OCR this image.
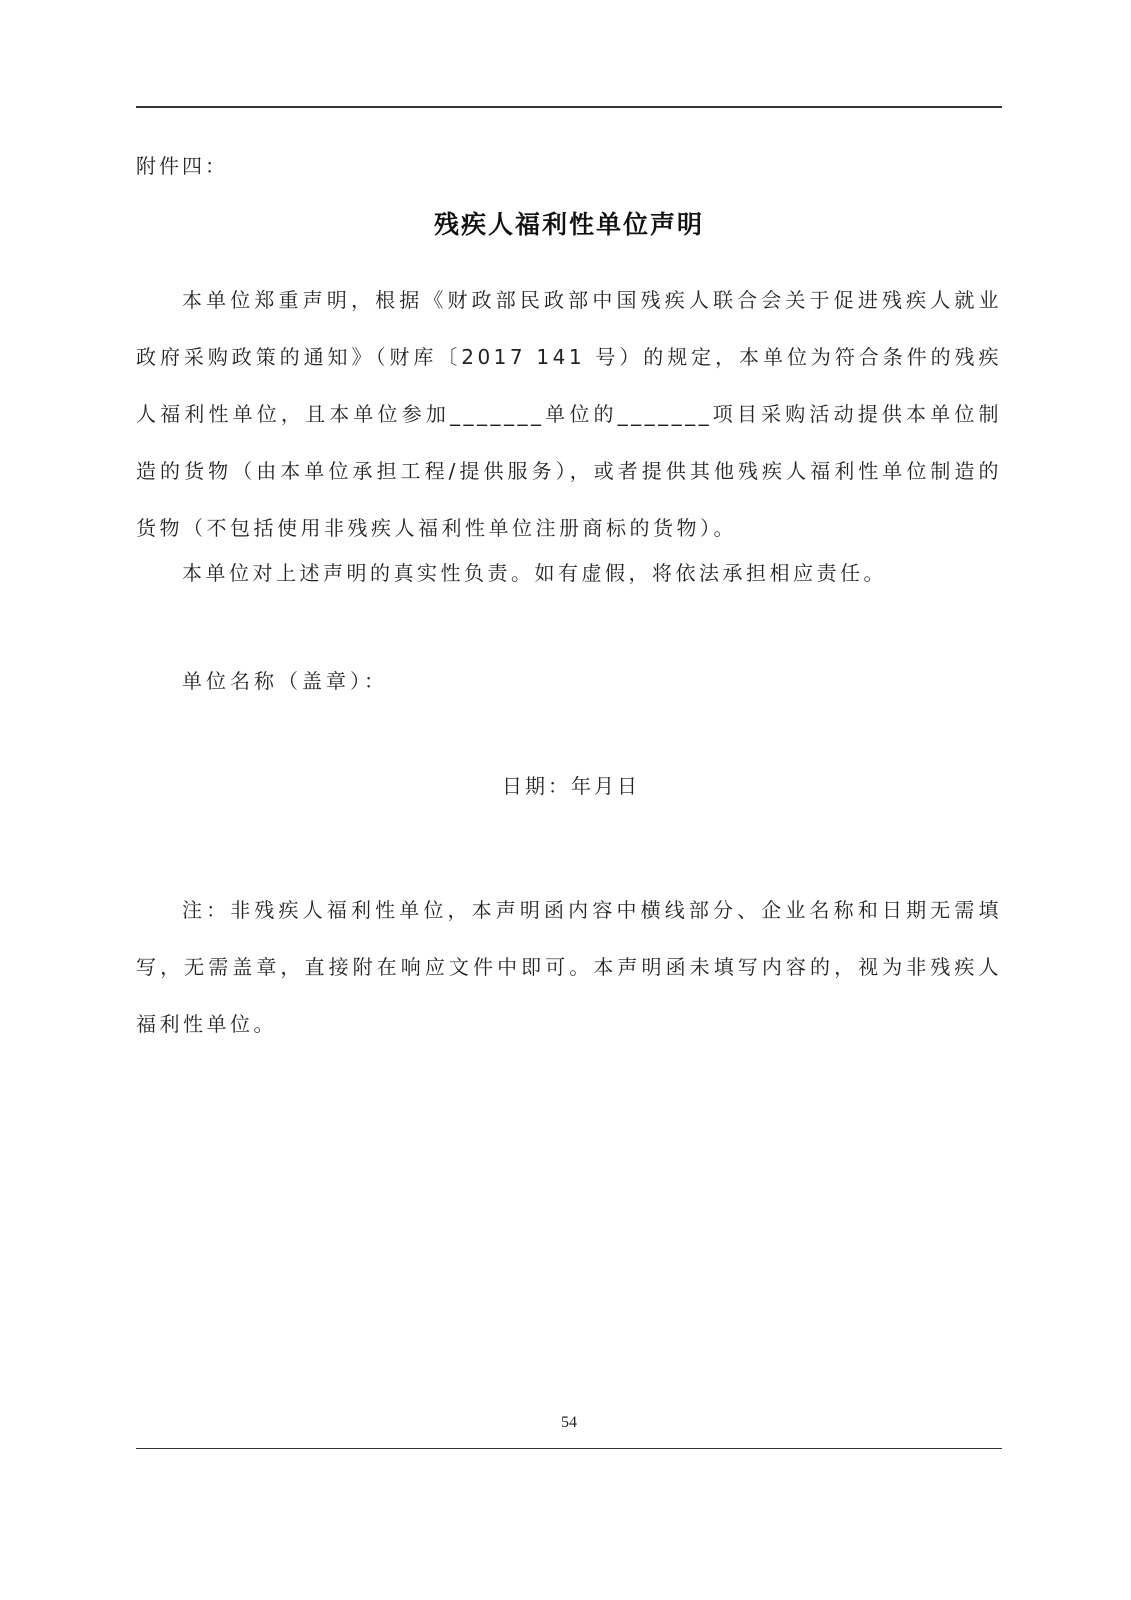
附件四：
残疾人福利性单位声明
本单位郑重声明，根据《财政部民政部中国残疾人联合会关于促进残疾人就业政府采购政策的通知》（财库〔2017 141 号）的规定，本单位为符合条件的残疾人福利性单位，且本单位参加_______单位的_______项目采购活动提供本单位制造的货物（由本单位承担工程/提供服务），或者提供其他残疾人福利性单位制造的货物（不包括使用非残疾人福利性单位注册商标的货物）。
本单位对上述声明的真实性负责。如有虚假，将依法承担相应责任。
单位名称（盖章）：
日期：年月日
注：非残疾人福利性单位，本声明函内容中横线部分、企业名称和日期无需填写，无需盖章，直接附在响应文件中即可。本声明函未填写内容的，视为非残疾人福利性单位。
54
